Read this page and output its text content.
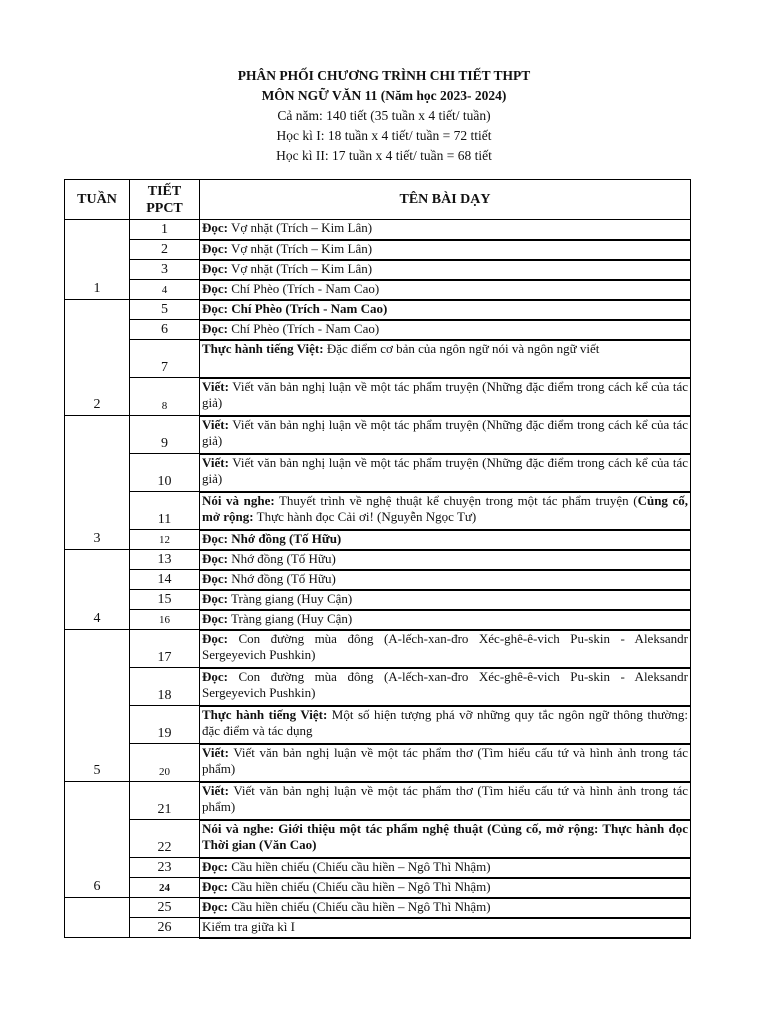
PHÂN PHỐI CHƯƠNG TRÌNH CHI TIẾT THPT
MÔN NGỮ VĂN 11 (Năm học 2023- 2024)
Cả năm: 140 tiết (35 tuần x 4 tiết/ tuần)
Học kì I: 18 tuần x 4 tiết/ tuần = 72 ttiết
Học kì II: 17 tuần x 4 tiết/ tuần = 68 tiết
TUẦN	TIẾT PPCT	TÊN BÀI DẠY
1	1	Đọc: Vợ nhặt (Trích – Kim Lân)
	2	Đọc: Vợ nhặt (Trích – Kim Lân)
	3	Đọc: Vợ nhặt (Trích – Kim Lân)
	4	Đọc: Chí Phèo (Trích - Nam Cao)
2	5	Đọc: Chí Phèo (Trích - Nam Cao)
	6	Đọc: Chí Phèo (Trích - Nam Cao)
	7	Thực hành tiếng Việt: Đặc điểm cơ bản của ngôn ngữ nói và ngôn ngữ viết
	8	Viết: Viết văn bản nghị luận về một tác phẩm truyện (Những đặc điểm trong cách kể của tác giả)
3	9	Viết: Viết văn bản nghị luận về một tác phẩm truyện (Những đặc điểm trong cách kể của tác giả)
	10	Viết: Viết văn bản nghị luận về một tác phẩm truyện (Những đặc điểm trong cách kể của tác giả)
	11	Nói và nghe: Thuyết trình về nghệ thuật kể chuyện trong một tác phẩm truyện (Củng cố, mở rộng: Thực hành đọc Cải ơi! (Nguyễn Ngọc Tư)
	12	Đọc: Nhớ đồng (Tố Hữu)
4	13	Đọc: Nhớ đồng (Tố Hữu)
	14	Đọc: Nhớ đồng (Tố Hữu)
	15	Đọc: Tràng giang (Huy Cận)
	16	Đọc: Tràng giang (Huy Cận)
5	17	Đọc: Con đường mùa đông (A-lếch-xan-đro Xéc-ghê-ê-vich Pu-skin - Aleksandr Sergeyevich Pushkin)
	18	Đọc: Con đường mùa đông (A-lếch-xan-đro Xéc-ghê-ê-vich Pu-skin - Aleksandr Sergeyevich Pushkin)
	19	Thực hành tiếng Việt: Một số hiện tượng phá vỡ những quy tắc ngôn ngữ thông thường: đặc điểm và tác dụng
	20	Viết: Viết văn bản nghị luận về một tác phẩm thơ (Tìm hiểu cấu tứ và hình ảnh trong tác phẩm)
6	21	Viết: Viết văn bản nghị luận về một tác phẩm thơ (Tìm hiểu cấu tứ và hình ảnh trong tác phẩm)
	22	Nói và nghe: Giới thiệu một tác phẩm nghệ thuật (Củng cố, mở rộng: Thực hành đọc Thời gian (Văn Cao)
	23	Đọc: Cầu hiền chiếu (Chiếu cầu hiền – Ngô Thì Nhậm)
	24	Đọc: Cầu hiền chiếu (Chiếu cầu hiền – Ngô Thì Nhậm)
	25	Đọc: Cầu hiền chiếu (Chiếu cầu hiền – Ngô Thì Nhậm)
	26	Kiểm tra giữa kì I
